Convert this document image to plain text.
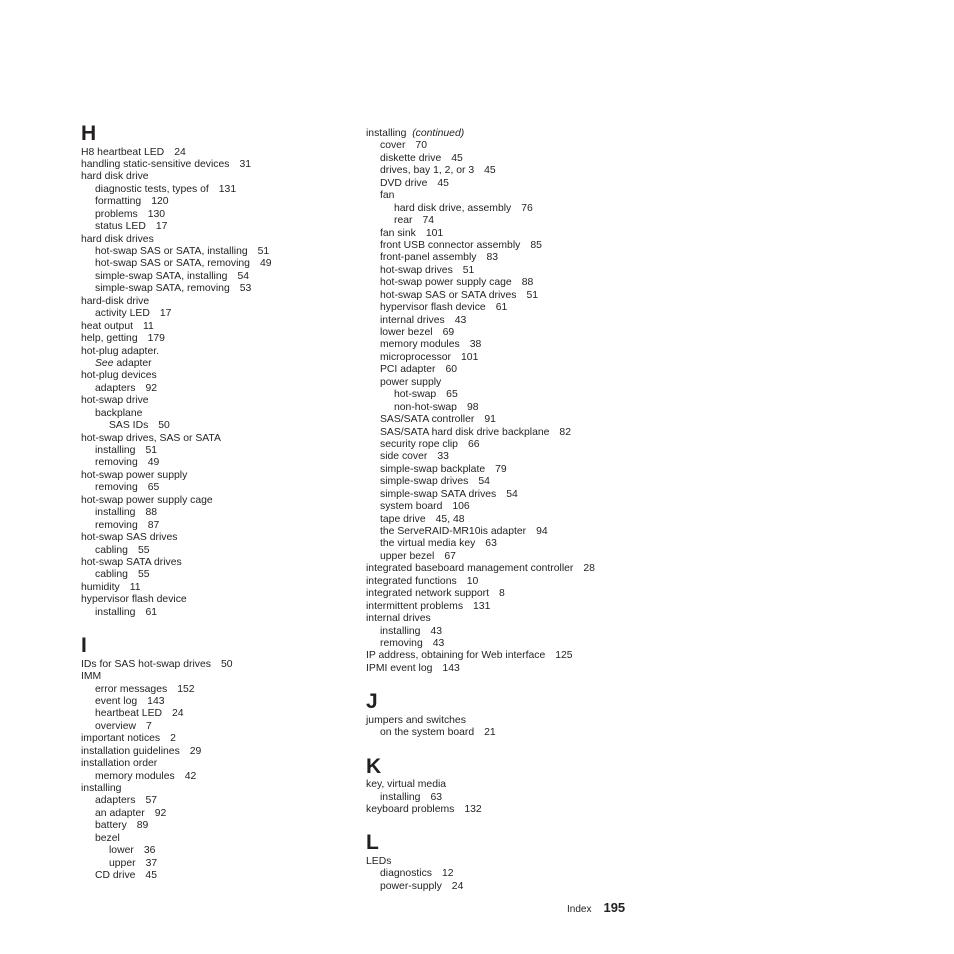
H
H8 heartbeat LED 24
handling static-sensitive devices 31
hard disk drive
diagnostic tests, types of 131
formatting 120
problems 130
status LED 17
hard disk drives
hot-swap SAS or SATA, installing 51
hot-swap SAS or SATA, removing 49
simple-swap SATA, installing 54
simple-swap SATA, removing 53
hard-disk drive
activity LED 17
heat output 11
help, getting 179
hot-plug adapter.
See adapter
hot-plug devices
adapters 92
hot-swap drive
backplane
SAS IDs 50
hot-swap drives, SAS or SATA
installing 51
removing 49
hot-swap power supply
removing 65
hot-swap power supply cage
installing 88
removing 87
hot-swap SAS drives
cabling 55
hot-swap SATA drives
cabling 55
humidity 11
hypervisor flash device
installing 61
I
IDs for SAS hot-swap drives 50
IMM
error messages 152
event log 143
heartbeat LED 24
overview 7
important notices 2
installation guidelines 29
installation order
memory modules 42
installing
adapters 57
an adapter 92
battery 89
bezel
lower 36
upper 37
CD drive 45
installing (continued)
cover 70
diskette drive 45
drives, bay 1, 2, or 3 45
DVD drive 45
fan
hard disk drive, assembly 76
rear 74
fan sink 101
front USB connector assembly 85
front-panel assembly 83
hot-swap drives 51
hot-swap power supply cage 88
hot-swap SAS or SATA drives 51
hypervisor flash device 61
internal drives 43
lower bezel 69
memory modules 38
microprocessor 101
PCI adapter 60
power supply
hot-swap 65
non-hot-swap 98
SAS/SATA controller 91
SAS/SATA hard disk drive backplane 82
security rope clip 66
side cover 33
simple-swap backplate 79
simple-swap drives 54
simple-swap SATA drives 54
system board 106
tape drive 45, 48
the ServeRAID-MR10is adapter 94
the virtual media key 63
upper bezel 67
integrated baseboard management controller 28
integrated functions 10
integrated network support 8
intermittent problems 131
internal drives
installing 43
removing 43
IP address, obtaining for Web interface 125
IPMI event log 143
J
jumpers and switches
on the system board 21
K
key, virtual media
installing 63
keyboard problems 132
L
LEDs
diagnostics 12
power-supply 24
Index 195
